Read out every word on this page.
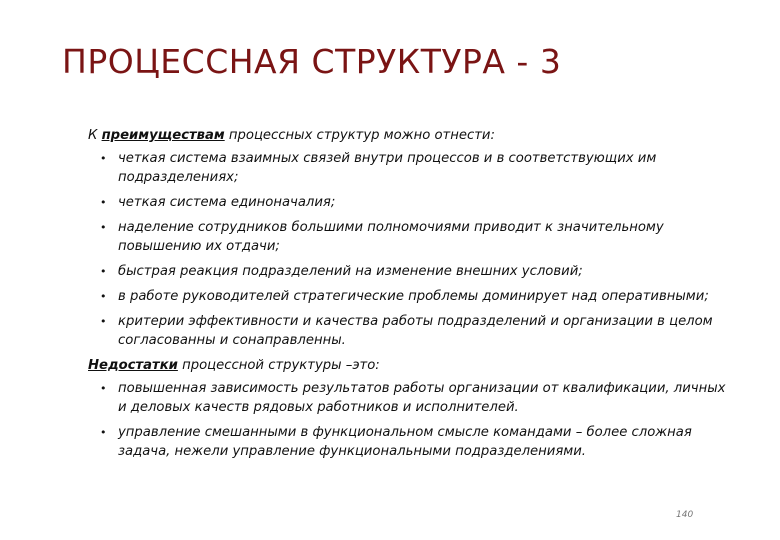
ПРОЦЕССНАЯ СТРУКТУРА - 3

К преимуществам процессных структур можно отнести:

• четкая система взаимных связей внутри процессов и в соответствующих им подразделениях;
• четкая система единоначалия;
• наделение сотрудников большими полномочиями приводит к значительному повышению их отдачи;
• быстрая реакция подразделений на изменение внешних условий;
• в работе руководителей стратегические проблемы доминирует над оперативными;
• критерии эффективности и качества работы подразделений и организации в целом согласованны и сонаправленны.

Недостатки процессной структуры –это:

• повышенная зависимость результатов работы организации от квалификации, личных и деловых качеств рядовых работников и исполнителей.
• управление смешанными в функциональном смысле командами – более сложная задача, нежели управление функциональными подразделениями.
140
